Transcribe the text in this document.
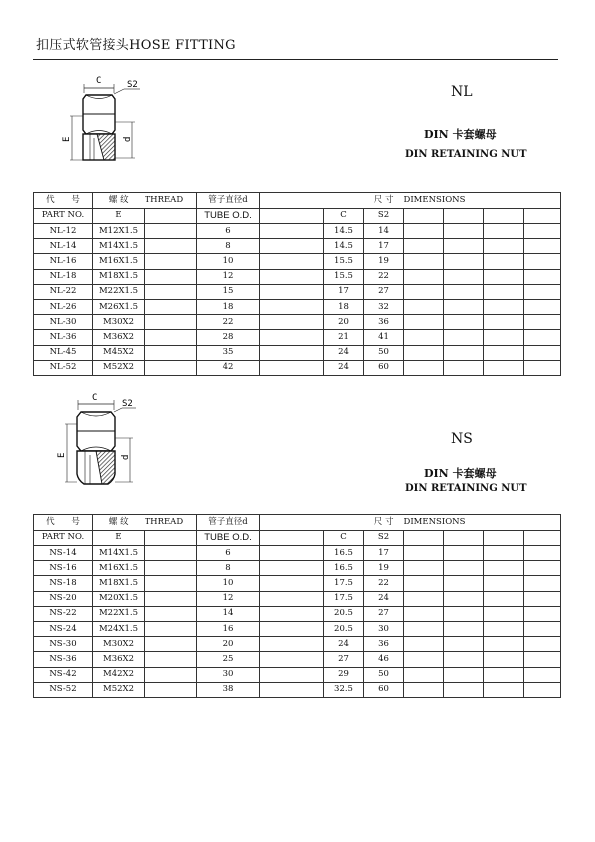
扣压式软管接头HOSE FITTING
C	S2
E	d
NL
DIN 卡套螺母
DIN RETAINING NUT
代 号	螺 纹	THREAD	管子直径d		尺 寸		DIMENSIONS			
PART NO.	E		TUBE O.D.		C	S2				
NL-12	M12X1.5		6		14.5	14				
NL-14	M14X1.5		8		14.5	17				
NL-16	M16X1.5		10		15.5	19				
NL-18	M18X1.5		12		15.5	22				
NL-22	M22X1.5		15		17	27				
NL-26	M26X1.5		18		18	32				
NL-30	M30X2		22		20	36				
NL-36	M36X2		28		21	41				
NL-45	M45X2		35		24	50				
NL-52	M52X2		42		24	60				
C
S2
E	d
NS
DIN 卡套螺母
DIN RETAINING NUT
代 号	螺 纹	THREAD	管子直径d		尺 寸		DIMENSIONS			
PART NO.	E		TUBE O.D.		C	S2				
NS-14	M14X1.5		6		16.5	17				
NS-16	M16X1.5		8		16.5	19				
NS-18	M18X1.5		10		17.5	22				
NS-20	M20X1.5		12		17.5	24				
NS-22	M22X1.5		14		20.5	27				
NS-24	M24X1.5		16		20.5	30				
NS-30	M30X2		20		24	36				
NS-36	M36X2		25		27	46				
NS-42	M42X2		30		29	50				
NS-52	M52X2		38		32.5	60				
